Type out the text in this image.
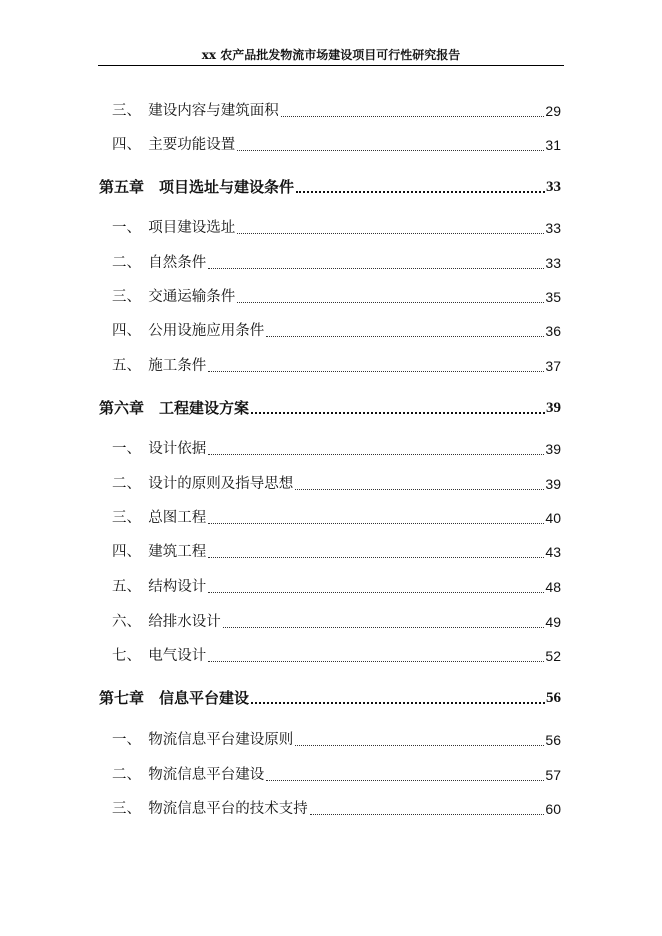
xx 农产品批发物流市场建设项目可行性研究报告
三、 建设内容与建筑面积	29
四、 主要功能设置	31
第五章 项目选址与建设条件	33
一、 项目建设选址	33
二、 自然条件	33
三、 交通运输条件	35
四、 公用设施应用条件	36
五、 施工条件	37
第六章 工程建设方案	39
一、 设计依据	39
二、 设计的原则及指导思想	39
三、 总图工程	40
四、 建筑工程	43
五、 结构设计	48
六、 给排水设计	49
七、 电气设计	52
第七章 信息平台建设	56
一、 物流信息平台建设原则	56
二、 物流信息平台建设	57
三、 物流信息平台的技术支持	60
